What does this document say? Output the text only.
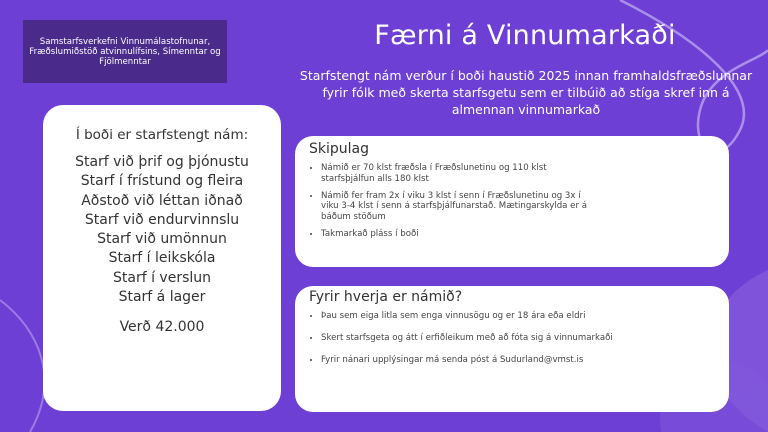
Samstarfsverkefni Vinnumálastofnunar, Fræðslumiðstöð atvinnulífsins, Símenntar og Fjölmenntar
Færni á Vinnumarkaði
Starfstengt nám verður í boði haustið 2025 innan framhaldsfræðslunnar fyrir fólk með skerta starfsgetu sem er tilbúið að stíga skref inn á almennan vinnumarkað
Í boði er starfstengt nám:
Starf við þrif og þjónustu
Starf í frístund og fleira
Aðstoð við léttan iðnað
Starf við endurvinnslu
Starf við umönnun
Starf í leikskóla
Starf í verslun
Starf á lager
Verð 42.000
Skipulag
• Námið er 70 klst fræðsla í Fræðslunetinu og 110 klst starfsþjálfun alls 180 klst
• Námið fer fram 2x í viku 3 klst í senn í Fræðslunetinu og 3x í viku 3-4 klst í senn á starfsþjálfunarstað. Mætingarskylda er á báðum stöðum
• Takmarkað pláss í boði
Fyrir hverja er námið?
• Þau sem eiga litla sem enga vinnusögu og er 18 ára eða eldri
• Skert starfsgeta og átt í erfiðleikum með að fóta sig á vinnumarkaði
• Fyrir nánari upplýsingar má senda póst á Sudurland@vmst.is
